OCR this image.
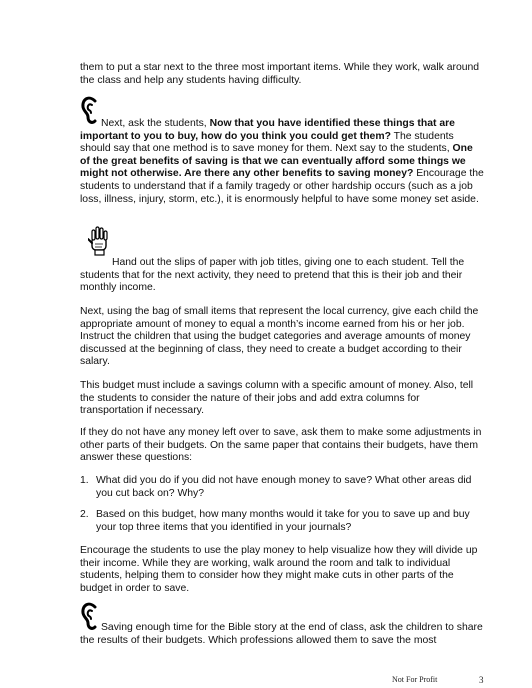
them to put a star next to the three most important items. While they work, walk around the class and help any students having difficulty.

Next, ask the students, Now that you have identified these things that are important to you to buy, how do you think you could get them? The students should say that one method is to save money for them. Next say to the students, One of the great benefits of saving is that we can eventually afford some things we might not otherwise. Are there any other benefits to saving money? Encourage the students to understand that if a family tragedy or other hardship occurs (such as a job loss, illness, injury, storm, etc.), it is enormously helpful to have some money set aside.

Hand out the slips of paper with job titles, giving one to each student. Tell the students that for the next activity, they need to pretend that this is their job and their monthly income.

Next, using the bag of small items that represent the local currency, give each child the appropriate amount of money to equal a month’s income earned from his or her job. Instruct the children that using the budget categories and average amounts of money discussed at the beginning of class, they need to create a budget according to their salary.

This budget must include a savings column with a specific amount of money. Also, tell the students to consider the nature of their jobs and add extra columns for transportation if necessary.

If they do not have any money left over to save, ask them to make some adjustments in other parts of their budgets. On the same paper that contains their budgets, have them answer these questions:

1. What did you do if you did not have enough money to save? What other areas did you cut back on? Why?
2. Based on this budget, how many months would it take for you to save up and buy your top three items that you identified in your journals?

Encourage the students to use the play money to help visualize how they will divide up their income. While they are working, walk around the room and talk to individual students, helping them to consider how they might make cuts in other parts of the budget in order to save.

Saving enough time for the Bible story at the end of class, ask the children to share the results of their budgets. Which professions allowed them to save the most

Not For Profit	3
